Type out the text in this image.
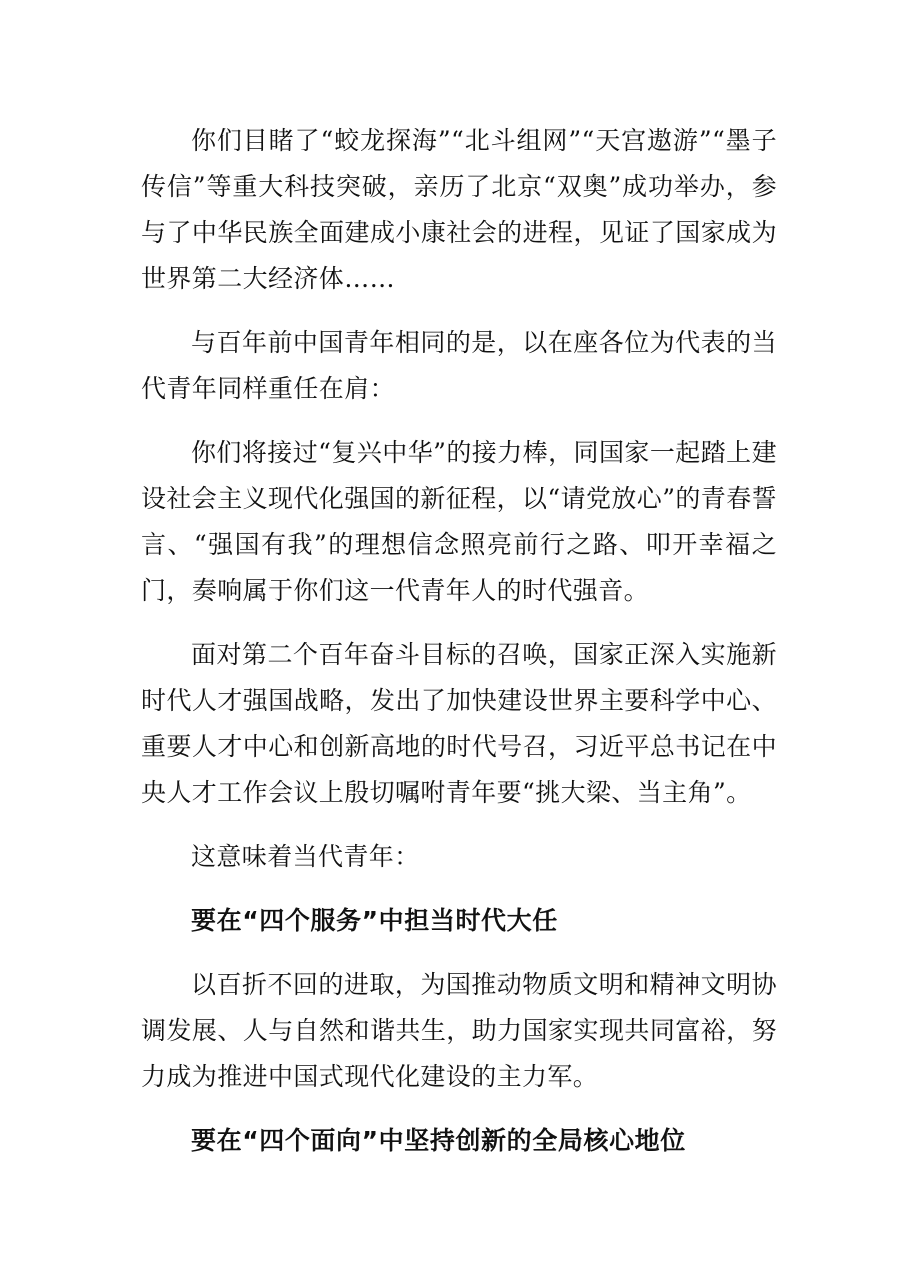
你们目睹了“蛟龙探海”“北斗组网”“天宫遨游”“墨子传信”等重大科技突破，亲历了北京“双奥”成功举办，参与了中华民族全面建成小康社会的进程，见证了国家成为世界第二大经济体……

与百年前中国青年相同的是，以在座各位为代表的当代青年同样重任在肩：

你们将接过“复兴中华”的接力棒，同国家一起踏上建设社会主义现代化强国的新征程，以“请党放心”的青春誓言、“强国有我”的理想信念照亮前行之路、叩开幸福之门，奏响属于你们这一代青年人的时代强音。

面对第二个百年奋斗目标的召唤，国家正深入实施新时代人才强国战略，发出了加快建设世界主要科学中心、重要人才中心和创新高地的时代号召，习近平总书记在中央人才工作会议上殷切嘱咐青年要“挑大梁、当主角”。

这意味着当代青年：

要在“四个服务”中担当时代大任

以百折不回的进取，为国推动物质文明和精神文明协调发展、人与自然和谐共生，助力国家实现共同富裕，努力成为推进中国式现代化建设的主力军。

要在“四个面向”中坚持创新的全局核心地位
